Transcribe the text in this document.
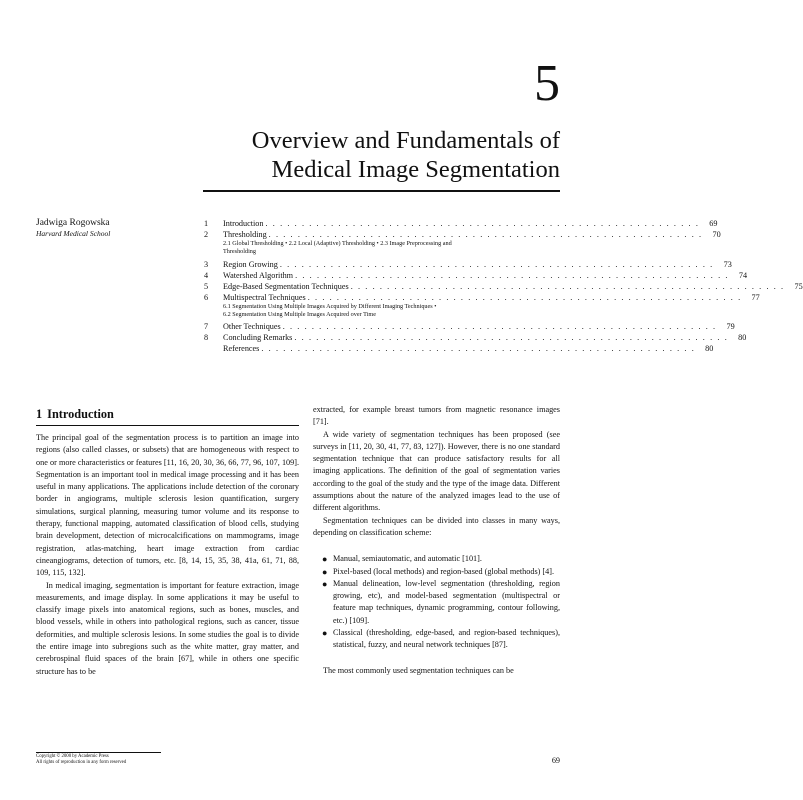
5
Overview and Fundamentals of
Medical Image Segmentation
Jadwiga Rogowska
Harvard Medical School
1	Introduction . . . . . . . . . . . . . . . . . . . . . . . . . . . . . . . . . . . . . . . . . . . . . . . . . . . . . . . . . . . .	69
2	Thresholding . . . . . . . . . . . . . . . . . . . . . . . . . . . . . . . . . . . . . . . . . . . . . . . . . . . . . . . . . . . .	70
2.1 Global Thresholding • 2.2 Local (Adaptive) Thresholding • 2.3 Image Preprocessing and
Thresholding
3	Region Growing . . . . . . . . . . . . . . . . . . . . . . . . . . . . . . . . . . . . . . . . . . . . . . . . . . . . . . . . . . . .	73
4	Watershed Algorithm . . . . . . . . . . . . . . . . . . . . . . . . . . . . . . . . . . . . . . . . . . . . . . . . . . . . . . . . . . . .	74
5	Edge-Based Segmentation Techniques . . . . . . . . . . . . . . . . . . . . . . . . . . . . . . . . . . . . . . . . . . . . . . . . . . . . . . . . . . . .	75
6	Multispectral Techniques . . . . . . . . . . . . . . . . . . . . . . . . . . . . . . . . . . . . . . . . . . . . . . . . . . . . . . . . . . . .	77
6.1 Segmentation Using Multiple Images Acquired by Different Imaging Techniques •
6.2 Segmentation Using Multiple Images Acquired over Time
7	Other Techniques . . . . . . . . . . . . . . . . . . . . . . . . . . . . . . . . . . . . . . . . . . . . . . . . . . . . . . . . . . . .	79
8	Concluding Remarks . . . . . . . . . . . . . . . . . . . . . . . . . . . . . . . . . . . . . . . . . . . . . . . . . . . . . . . . . . . .	80
References . . . . . . . . . . . . . . . . . . . . . . . . . . . . . . . . . . . . . . . . . . . . . . . . . . . . . . . . . . . .	80
1 Introduction

The principal goal of the segmentation process is to partition an image into regions (also called classes, or subsets) that are homogeneous with respect to one or more characteristics or features [11, 16, 20, 30, 36, 66, 77, 96, 107, 109]. Segmentation is an important tool in medical image processing and it has been useful in many applications. The applications include detection of the coronary border in angiograms, multiple sclerosis lesion quantification, surgery simulations, surgical planning, measuring tumor volume and its response to therapy, functional mapping, automated classification of blood cells, studying brain development, detection of microcalcifications on mammograms, image registration, atlas-matching, heart image extraction from cardiac cineangiograms, detection of tumors, etc. [8, 14, 15, 35, 38, 41a, 61, 71, 88, 109, 115, 132].

In medical imaging, segmentation is important for feature extraction, image measurements, and image display. In some applications it may be useful to classify image pixels into anatomical regions, such as bones, muscles, and blood vessels, while in others into pathological regions, such as cancer, tissue deformities, and multiple sclerosis lesions. In some studies the goal is to divide the entire image into subregions such as the white matter, gray matter, and cerebrospinal fluid spaces of the brain [67], while in others one specific structure has to be

extracted, for example breast tumors from magnetic resonance images [71].

A wide variety of segmentation techniques has been proposed (see surveys in [11, 20, 30, 41, 77, 83, 127]). However, there is no one standard segmentation technique that can produce satisfactory results for all imaging applications. The definition of the goal of segmentation varies according to the goal of the study and the type of the image data. Different assumptions about the nature of the analyzed images lead to the use of different algorithms.

Segmentation techniques can be divided into classes in many ways, depending on classification scheme:

● Manual, semiautomatic, and automatic [101].
● Pixel-based (local methods) and region-based (global methods) [4].
● Manual delineation, low-level segmentation (thresholding, region growing, etc), and model-based segmentation (multispectral or feature map techniques, dynamic programming, contour following, etc.) [109].
● Classical (thresholding, edge-based, and region-based techniques), statistical, fuzzy, and neural network techniques [87].

The most commonly used segmentation techniques can be

Copyright © 2000 by Academic Press
All rights of reproduction in any form reserved	69
